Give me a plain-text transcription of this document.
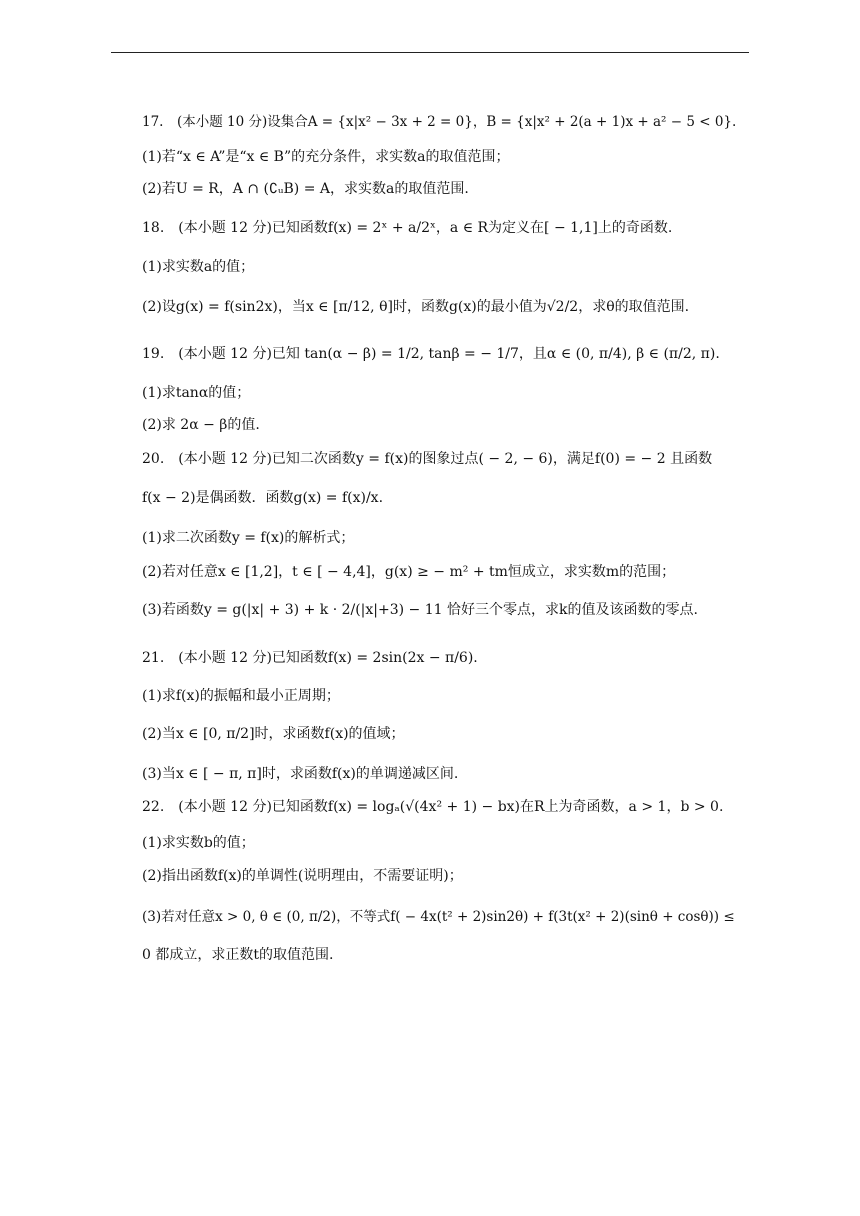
17.　(本小题 10 分)设集合A = {x|x² − 3x + 2 = 0}，B = {x|x² + 2(a + 1)x + a² − 5 < 0}.
(1)若“x ∈ A”是“x ∈ B”的充分条件，求实数a的取值范围；
(2)若U = R，A ∩ (∁ᵤB) = A，求实数a的取值范围.
18.　(本小题 12 分)已知函数f(x) = 2ˣ + a/2ˣ，a ∈ R为定义在[ − 1,1]上的奇函数.
(1)求实数a的值；
(2)设g(x) = f(sin2x)，当x ∈ [π/12, θ]时，函数g(x)的最小值为√2/2，求θ的取值范围.
19.　(本小题 12 分)已知 tan(α − β) = 1/2, tanβ = − 1/7，且α ∈ (0, π/4), β ∈ (π/2, π).
(1)求tanα的值；
(2)求 2α − β的值.
20.　(本小题 12 分)已知二次函数y = f(x)的图象过点( − 2, − 6)，满足f(0) = − 2 且函数
f(x − 2)是偶函数．函数g(x) = f(x)/x.
(1)求二次函数y = f(x)的解析式；
(2)若对任意x ∈ [1,2]，t ∈ [ − 4,4]，g(x) ≥ − m² + tm恒成立，求实数m的范围；
(3)若函数y = g(|x| + 3) + k · 2/(|x|+3) − 11 恰好三个零点，求k的值及该函数的零点.
21.　(本小题 12 分)已知函数f(x) = 2sin(2x − π/6).
(1)求f(x)的振幅和最小正周期；
(2)当x ∈ [0, π/2]时，求函数f(x)的值域；
(3)当x ∈ [ − π, π]时，求函数f(x)的单调递减区间.
22.　(本小题 12 分)已知函数f(x) = logₐ(√(4x² + 1) − bx)在R上为奇函数，a > 1，b > 0.
(1)求实数b的值；
(2)指出函数f(x)的单调性(说明理由，不需要证明)；
(3)若对任意x > 0, θ ∈ (0, π/2)，不等式f( − 4x(t² + 2)sin2θ) + f(3t(x² + 2)(sinθ + cosθ)) ≤
0 都成立，求正数t的取值范围.
